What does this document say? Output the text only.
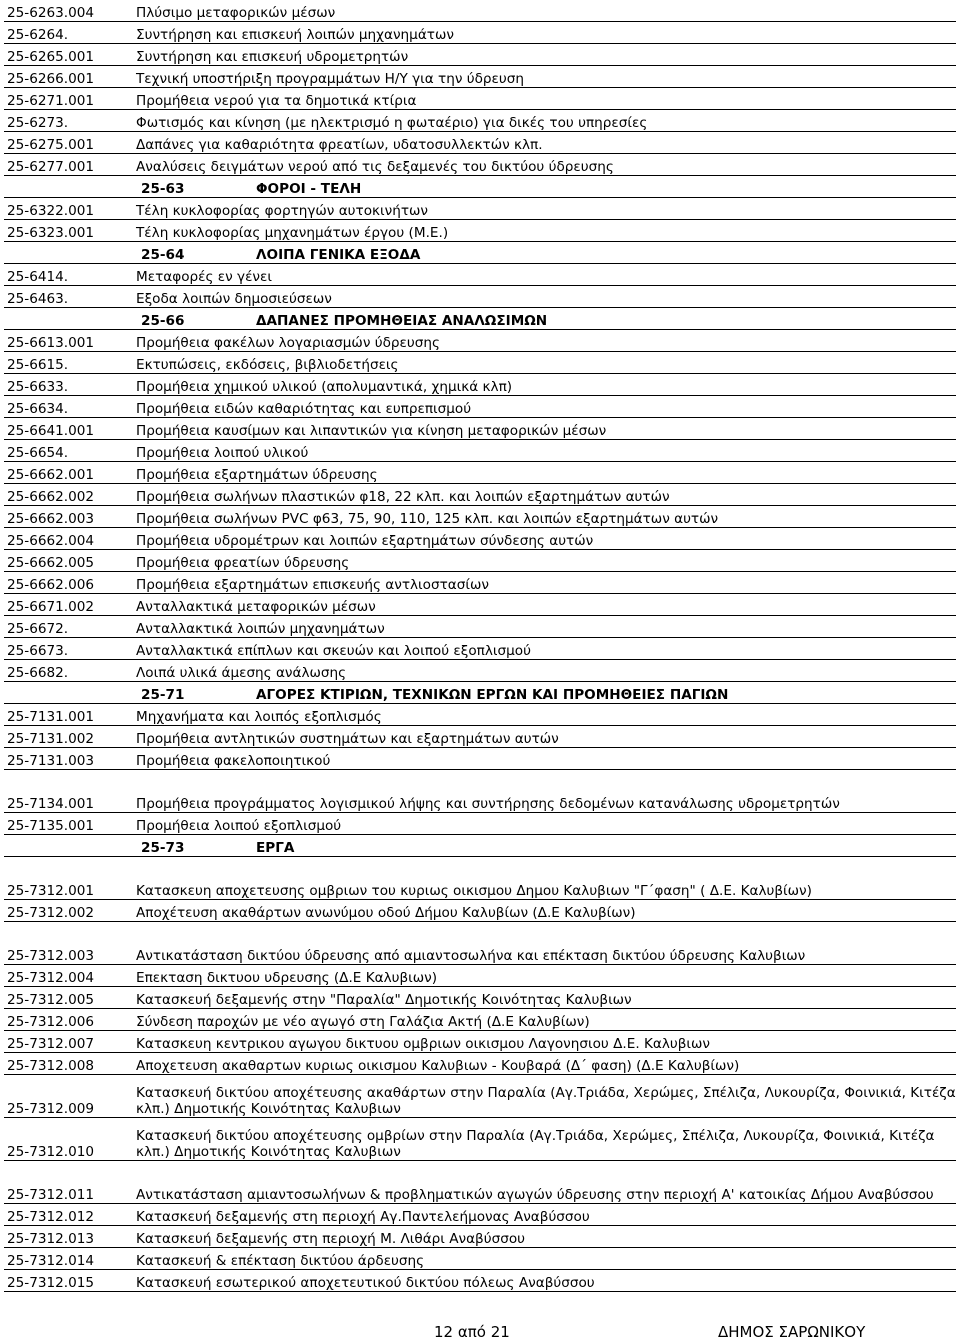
25-6263.004	Πλύσιμο μεταφορικών μέσων
25-6264.	Συντήρηση και επισκευή λοιπών μηχανημάτων
25-6265.001	Συντήρηση και επισκευή υδρομετρητών
25-6266.001	Τεχνική υποστήριξη προγραμμάτων Η/Υ για την ύδρευση
25-6271.001	Προμήθεια νερού για τα δημοτικά κτίρια
25-6273.	Φωτισμός και κίνηση (με ηλεκτρισμό η φωταέριο) για δικές του υπηρεσίες
25-6275.001	Δαπάνες για καθαριότητα φρεατίων, υδατοσυλλεκτών κλπ.
25-6277.001	Αναλύσεις δειγμάτων νερού από τις δεξαμενές του δικτύου ύδρευσης
	25-63 ΦΟΡΟΙ - ΤΕΛΗ
25-6322.001	Τέλη κυκλοφορίας φορτηγών αυτοκινήτων
25-6323.001	Τέλη κυκλοφορίας μηχανημάτων έργου (Μ.Ε.)
	25-64 ΛΟΙΠΑ ΓΕΝΙΚΑ ΕΞΟΔΑ
25-6414.	Μεταφορές εν γένει
25-6463.	Εξοδα λοιπών δημοσιεύσεων
	25-66 ΔΑΠΑΝΕΣ ΠΡΟΜΗΘΕΙΑΣ ΑΝΑΛΩΣΙΜΩΝ
25-6613.001	Προμήθεια φακέλων λογαριασμών ύδρευσης
25-6615.	Εκτυπώσεις, εκδόσεις, βιβλιοδετήσεις
25-6633.	Προμήθεια χημικού υλικού (απολυμαντικά, χημικά κλπ)
25-6634.	Προμήθεια ειδών καθαριότητας και ευπρεπισμού
25-6641.001	Προμήθεια καυσίμων και λιπαντικών για κίνηση μεταφορικών μέσων
25-6654.	Προμήθεια λοιπού υλικού
25-6662.001	Προμήθεια εξαρτημάτων ύδρευσης
25-6662.002	Προμήθεια σωλήνων πλαστικών φ18, 22 κλπ. και λοιπών εξαρτημάτων αυτών
25-6662.003	Προμήθεια σωλήνων PVC φ63, 75, 90, 110, 125 κλπ. και λοιπών εξαρτημάτων αυτών
25-6662.004	Προμήθεια υδρομέτρων και λοιπών εξαρτημάτων σύνδεσης αυτών
25-6662.005	Προμήθεια φρεατίων ύδρευσης
25-6662.006	Προμήθεια εξαρτημάτων επισκευής αντλιοστασίων
25-6671.002	Ανταλλακτικά μεταφορικών μέσων
25-6672.	Ανταλλακτικά λοιπών μηχανημάτων
25-6673.	Ανταλλακτικά επίπλων και σκευών και λοιπού εξοπλισμού
25-6682.	Λοιπά υλικά άμεσης ανάλωσης
	25-71 ΑΓΟΡΕΣ ΚΤΙΡΙΩΝ, ΤΕΧΝΙΚΩΝ ΕΡΓΩΝ ΚΑΙ ΠΡΟΜΗΘΕΙΕΣ ΠΑΓΙΩΝ
25-7131.001	Μηχανήματα και λοιπός εξοπλισμός
25-7131.002	Προμήθεια αντλητικών συστημάτων και εξαρτημάτων αυτών
25-7131.003	Προμήθεια φακελοποιητικού
25-7134.001	Προμήθεια προγράμματος λογισμικού λήψης και συντήρησης δεδομένων κατανάλωσης υδρομετρητών
25-7135.001	Προμήθεια λοιπού εξοπλισμού
	25-73 ΕΡΓΑ
25-7312.001	Κατασκευη αποχετευσης ομβριων του κυριως οικισμου Δημου Καλυβιων "Γ΄φαση" ( Δ.Ε. Καλυβίων)
25-7312.002	Αποχέτευση ακαθάρτων ανωνύμου οδού Δήμου Καλυβίων (Δ.Ε Καλυβίων)
25-7312.003	Αντικατάσταση δικτύου ύδρευσης από αμιαντοσωλήνα και επέκταση δικτύου ύδρευσης Καλυβιων
25-7312.004	Επεκταση δικτυου υδρευσης (Δ.Ε Καλυβιων)
25-7312.005	Κατασκευή δεξαμενής στην "Παραλία" Δημοτικής Κοινότητας Καλυβιων
25-7312.006	Σύνδεση παροχών με νέο αγωγό στη Γαλάζια Ακτή (Δ.Ε Καλυβίων)
25-7312.007	Κατασκευη κεντρικου αγωγου δικτυου ομβριων οικισμου Λαγονησιου Δ.Ε. Καλυβιων
25-7312.008	Αποχετευση ακαθαρτων κυριως οικισμου Καλυβιων - Κουβαρά (Δ΄ φαση) (Δ.Ε Καλυβίων)
25-7312.009	Κατασκευή δικτύου αποχέτευσης ακαθάρτων στην Παραλία (Αγ.Τριάδα, Χερώμες, Σπέλιζα, Λυκουρίζα, Φοινικιά, Κιτέζα κλπ.) Δημοτικής Κοινότητας Καλυβιων
25-7312.010	Κατασκευή δικτύου αποχέτευσης ομβρίων στην Παραλία (Αγ.Τριάδα, Χερώμες, Σπέλιζα, Λυκουρίζα, Φοινικιά, Κιτέζα κλπ.) Δημοτικής Κοινότητας Καλυβιων
25-7312.011	Αντικατάσταση αμιαντοσωλήνων & προβληματικών αγωγών ύδρευσης στην περιοχή Α' κατοικίας Δήμου Αναβύσσου
25-7312.012	Κατασκευή δεξαμενής στη περιοχή Αγ.Παντελεήμονας Αναβύσσου
25-7312.013	Κατασκευή δεξαμενής στη περιοχή Μ. Λιθάρι Αναβύσσου
25-7312.014	Κατασκευή & επέκταση δικτύου άρδευσης
25-7312.015	Κατασκευή εσωτερικού αποχετευτικού δικτύου πόλεως Αναβύσσου
12 από 21	ΔΗΜΟΣ ΣΑΡΩΝΙΚΟΥ
